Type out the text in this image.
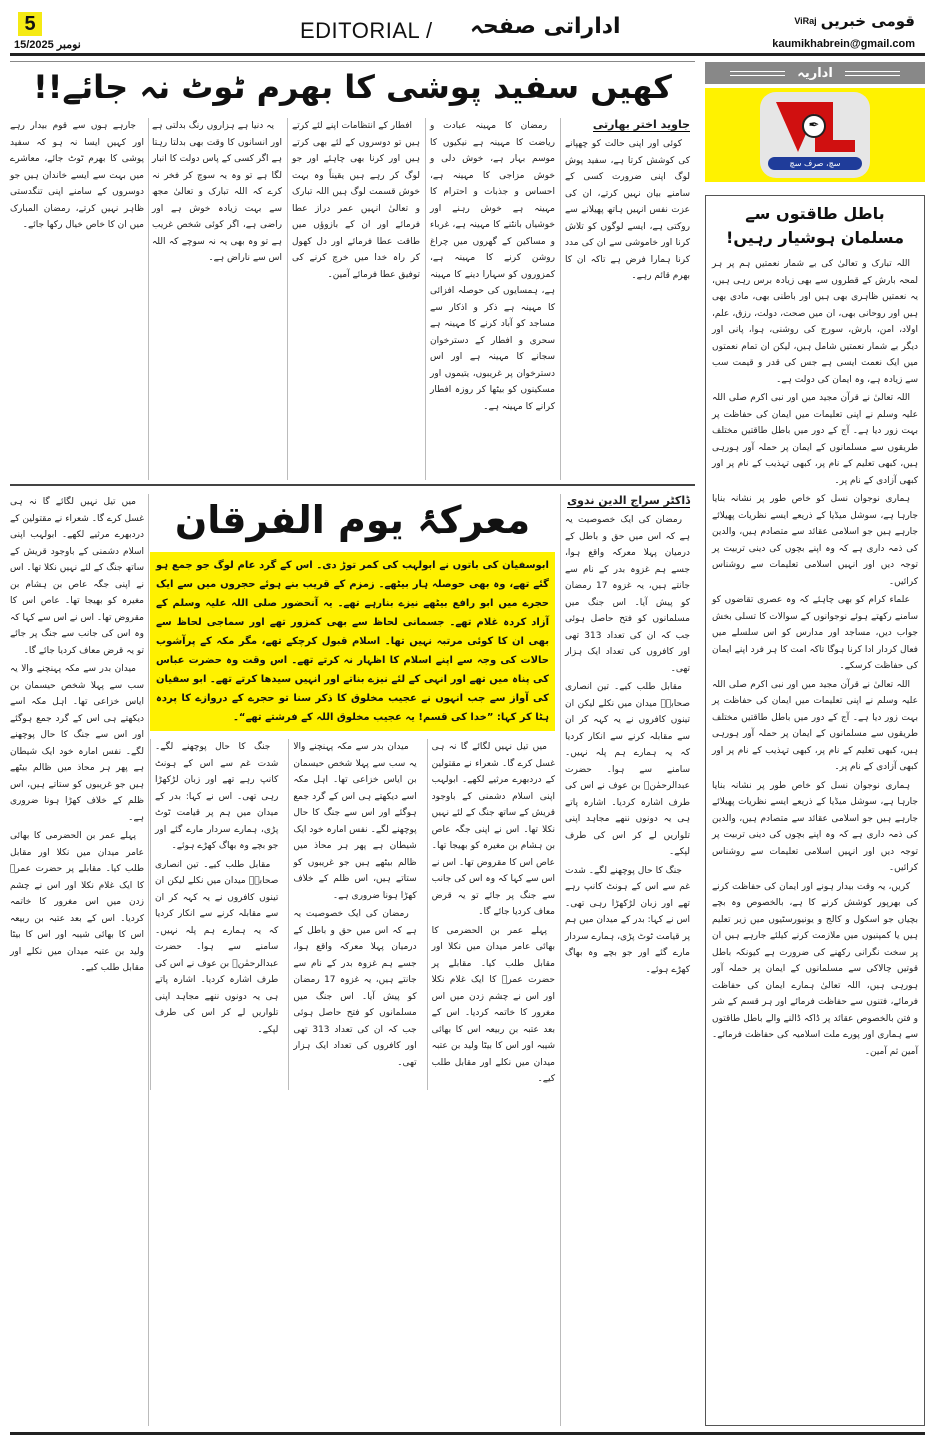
5
15/نومبر 2025
EDITORIAL / اداراتی صفحہ	قومی خبریں
ViRaj
kaumikhabrein@gmail.com
کھیں سفید پوشی کا بھرم ٹوٹ نہ جائے!!
جاوید اختر بھارتی

کوئی اور اپنی حالت کو چھپانے کی کوشش کرتا ہے، سفید پوش لوگ اپنی ضرورت کسی کے سامنے بیان نہیں کرتے، ان کی عزت نفس انہیں ہاتھ پھیلانے سے روکتی ہے، ایسے لوگوں کو تلاش کرنا اور خاموشی سے ان کی مدد کرنا ہمارا فرض ہے تاکہ ان کا بھرم قائم رہے۔

رمضان کا مہینہ عبادت و ریاضت کا مہینہ ہے نیکیوں کا موسم بہار ہے، خوش دلی و خوش مزاجی کا مہینہ ہے، احساس و جذبات و احترام کا مہینہ ہے خوش رہنے اور خوشیاں بانٹنے کا مہینہ ہے، غرباء و مساکین کے گھروں میں چراغ روشن کرنے کا مہینہ ہے، کمزوروں کو سہارا دینے کا مہینہ ہے، ہمسایوں کی حوصلہ افزائی کا مہینہ ہے ذکر و اذکار سے مساجد کو آباد کرنے کا مہینہ ہے سحری و افطار کے دسترخوان سجانے کا مہینہ ہے اور اس دسترخوان پر غریبوں، یتیموں اور مسکینوں کو بیٹھا کر روزہ افطار کرانے کا مہینہ ہے۔

افطار کے انتظامات اپنے لئے کرتے ہیں تو دوسروں کے لئے بھی کرتے ہیں اور کرنا بھی چاہئے اور جو لوگ کر رہے ہیں یقیناً وہ بہت خوش قسمت لوگ ہیں اللہ تبارک و تعالیٰ انہیں عمر دراز عطا فرمائے اور ان کے بازوؤں میں طاقت عطا فرمائے اور دل کھول کر راہ خدا میں خرچ کرنے کی توفیق عطا فرمائے آمین۔

یہ دنیا ہے ہزاروں رنگ بدلتی ہے اور انسانوں کا وقت بھی بدلتا رہتا ہے اگر کسی کے پاس دولت کا انبار لگا ہے تو وہ یہ سوچ کر فخر نہ کرے کہ اللہ تبارک و تعالیٰ مجھ سے بہت زیادہ خوش ہے اور راضی ہے، اگر کوئی شخص غریب ہے تو وہ بھی یہ نہ سوچے کہ اللہ اس سے ناراض ہے۔

جارہے ہوں سے قوم بیدار رہے اور کہیں ایسا نہ ہو کہ سفید پوشی کا بھرم ٹوٹ جائے، معاشرے میں بہت سے ایسے خاندان ہیں جو دوسروں کے سامنے اپنی تنگدستی ظاہر نہیں کرتے، رمضان المبارک میں ان کا خاص خیال رکھا جائے۔

معرکۂ یوم الفرقان	ڈاکٹر سراج الدین ندوی

رمضان کی ایک خصوصیت یہ ہے کہ اس میں حق و باطل کے درمیان پہلا معرکہ واقع ہوا، جسے ہم غزوہ بدر کے نام سے جانتے ہیں، یہ غزوہ 17 رمضان کو پیش آیا۔ اس جنگ میں مسلمانوں کو فتح حاصل ہوئی جب کہ ان کی تعداد 313 تھی اور کافروں کی تعداد ایک ہزار تھی۔

مقابل طلب کیے۔ تین انصاری صحابہؓ میدان میں نکلے لیکن ان تینوں کافروں نے یہ کہہ کر ان سے مقابلہ کرنے سے انکار کردیا کہ یہ ہمارے ہم پلہ نہیں۔ سامنے سے ہوا۔ حضرت عبدالرحمٰنؓ بن عوف نے اس کی طرف اشارہ کردیا۔ اشارہ پاتے ہی یہ دونوں ننھے مجاہد اپنی تلواریں لے کر اس کی طرف لپکے۔

جنگ کا حال پوچھنے لگے۔ شدت غم سے اس کے ہونٹ کانپ رہے تھے اور زبان لڑکھڑا رہی تھی۔ اس نے کہا: بدر کے میدان میں ہم پر قیامت ٹوٹ پڑی، ہمارے سردار مارے گئے اور جو بچے وہ بھاگ کھڑے ہوئے۔

ابوسفیان کی باتوں نے ابولہب کی کمر توڑ دی۔ اس کے گرد عام لوگ جو جمع ہو گئے تھے، وہ بھی حوصلہ ہار بیٹھے۔ زمزم کے قریب بنے ہوئے حجروں میں سے ایک حجرے میں ابو رافع بیٹھے نیزے بنارہے تھے۔ یہ آنحضور صلی اللہ علیہ وسلم کے آزاد کردہ غلام تھے۔ جسمانی لحاظ سے بھی کمزور تھے اور سماجی لحاظ سے بھی ان کا کوئی مرتبہ نہیں تھا۔ اسلام قبول کرچکے تھے، مگر مکہ کے پرآشوب حالات کی وجہ سے اپنے اسلام کا اظہار نہ کرتے تھے۔ اس وقت وہ حضرت عباس کی پناہ میں تھے اور انہی کے لئے نیزے بناتے اور انہیں سیدھا کرتے تھے۔ ابو سفیان کی آواز سے جب انہوں نے عجیب مخلوق کا ذکر سنا تو حجرے کے دروازے کا پردہ ہٹا کر کہا: ”خدا کی قسم! یہ عجیب مخلوق اللہ کے فرشتے تھے“۔

میں تیل نہیں لگائے گا نہ ہی غسل کرے گا۔ شعراء نے مقتولین کے دردبھرے مرثیے لکھے۔ ابولہب اپنی اسلام دشمنی کے باوجود قریش کے ساتھ جنگ کے لئے نہیں نکلا تھا۔ اس نے اپنی جگہ عاص بن ہشام بن مغیرہ کو بھیجا تھا۔ عاص اس کا مقروض تھا۔ اس نے اس سے کہا کہ وہ اس کی جانب سے جنگ پر جائے تو یہ قرض معاف کردیا جائے گا۔

پہلے عمر بن الحضرمی کا بھائی عامر میدان میں نکلا اور مقابل طلب کیا۔ مقابلے پر حضرت عمرؓ کا ایک غلام نکلا اور اس نے چشم زدن میں اس مغرور کا خاتمہ کردیا۔ اس کے بعد عتبہ بن ربیعہ اس کا بھائی شیبہ اور اس کا بیٹا ولید بن عتبہ میدان میں نکلے اور مقابل طلب کیے۔

میدان بدر سے مکہ پہنچنے والا یہ سب سے پہلا شخص حیسمان بن ایاس خزاعی تھا۔ اہل مکہ اسے دیکھتے ہی اس کے گرد جمع ہوگئے اور اس سے جنگ کا حال پوچھنے لگے۔ نفس امارہ خود ایک شیطان ہے پھر ہر محاذ میں ظالم بیٹھے ہیں جو غریبوں کو ستاتے ہیں، اس ظلم کے خلاف کھڑا ہونا ضروری ہے۔

رمضان کی ایک خصوصیت یہ ہے کہ اس میں حق و باطل کے درمیان پہلا معرکہ واقع ہوا، جسے ہم غزوہ بدر کے نام سے جانتے ہیں، یہ غزوہ 17 رمضان کو پیش آیا۔ اس جنگ میں مسلمانوں کو فتح حاصل ہوئی جب کہ ان کی تعداد 313 تھی اور کافروں کی تعداد ایک ہزار تھی۔

جنگ کا حال پوچھنے لگے۔ شدت غم سے اس کے ہونٹ کانپ رہے تھے اور زبان لڑکھڑا رہی تھی۔ اس نے کہا: بدر کے میدان میں ہم پر قیامت ٹوٹ پڑی، ہمارے سردار مارے گئے اور جو بچے وہ بھاگ کھڑے ہوئے۔

مقابل طلب کیے۔ تین انصاری صحابہؓ میدان میں نکلے لیکن ان تینوں کافروں نے یہ کہہ کر ان سے مقابلہ کرنے سے انکار کردیا کہ یہ ہمارے ہم پلہ نہیں۔ سامنے سے ہوا۔ حضرت عبدالرحمٰنؓ بن عوف نے اس کی طرف اشارہ کردیا۔ اشارہ پاتے ہی یہ دونوں ننھے مجاہد اپنی تلواریں لے کر اس کی طرف لپکے۔

میں تیل نہیں لگائے گا نہ ہی غسل کرے گا۔ شعراء نے مقتولین کے دردبھرے مرثیے لکھے۔ ابولہب اپنی اسلام دشمنی کے باوجود قریش کے ساتھ جنگ کے لئے نہیں نکلا تھا۔ اس نے اپنی جگہ عاص بن ہشام بن مغیرہ کو بھیجا تھا۔ عاص اس کا مقروض تھا۔ اس نے اس سے کہا کہ وہ اس کی جانب سے جنگ پر جائے تو یہ قرض معاف کردیا جائے گا۔

میدان بدر سے مکہ پہنچنے والا یہ سب سے پہلا شخص حیسمان بن ایاس خزاعی تھا۔ اہل مکہ اسے دیکھتے ہی اس کے گرد جمع ہوگئے اور اس سے جنگ کا حال پوچھنے لگے۔ نفس امارہ خود ایک شیطان ہے پھر ہر محاذ میں ظالم بیٹھے ہیں جو غریبوں کو ستاتے ہیں، اس ظلم کے خلاف کھڑا ہونا ضروری ہے۔

پہلے عمر بن الحضرمی کا بھائی عامر میدان میں نکلا اور مقابل طلب کیا۔ مقابلے پر حضرت عمرؓ کا ایک غلام نکلا اور اس نے چشم زدن میں اس مغرور کا خاتمہ کردیا۔ اس کے بعد عتبہ بن ربیعہ اس کا بھائی شیبہ اور اس کا بیٹا ولید بن عتبہ میدان میں نکلے اور مقابل طلب کیے۔

اداریہ
✒
سچ، صرف سچ
باطل طاقتوں سے مسلمان ہوشیار رہیں!

اللہ تبارک و تعالیٰ کی بے شمار نعمتیں ہم پر ہر لمحہ بارش کے قطروں سے بھی زیادہ برس رہی ہیں، یہ نعمتیں ظاہری بھی ہیں اور باطنی بھی، مادی بھی ہیں اور روحانی بھی، ان میں صحت، دولت، رزق، علم، اولاد، امن، بارش، سورج کی روشنی، ہوا، پانی اور دیگر بے شمار نعمتیں شامل ہیں، لیکن ان تمام نعمتوں میں ایک نعمت ایسی ہے جس کی قدر و قیمت سب سے زیادہ ہے، وہ ایمان کی دولت ہے۔

اللہ تعالیٰ نے قرآن مجید میں اور نبی اکرم صلی اللہ علیہ وسلم نے اپنی تعلیمات میں ایمان کی حفاظت پر بہت زور دیا ہے۔ آج کے دور میں باطل طاقتیں مختلف طریقوں سے مسلمانوں کے ایمان پر حملہ آور ہورہی ہیں، کبھی تعلیم کے نام پر، کبھی تہذیب کے نام پر اور کبھی آزادی کے نام پر۔

ہماری نوجوان نسل کو خاص طور پر نشانہ بنایا جارہا ہے، سوشل میڈیا کے ذریعے ایسے نظریات پھیلائے جارہے ہیں جو اسلامی عقائد سے متصادم ہیں، والدین کی ذمہ داری ہے کہ وہ اپنے بچوں کی دینی تربیت پر توجہ دیں اور انہیں اسلامی تعلیمات سے روشناس کرائیں۔

علماء کرام کو بھی چاہئے کہ وہ عصری تقاضوں کو سامنے رکھتے ہوئے نوجوانوں کے سوالات کا تسلی بخش جواب دیں، مساجد اور مدارس کو اس سلسلے میں فعال کردار ادا کرنا ہوگا تاکہ امت کا ہر فرد اپنے ایمان کی حفاظت کرسکے۔

اللہ تعالیٰ نے قرآن مجید میں اور نبی اکرم صلی اللہ علیہ وسلم نے اپنی تعلیمات میں ایمان کی حفاظت پر بہت زور دیا ہے۔ آج کے دور میں باطل طاقتیں مختلف طریقوں سے مسلمانوں کے ایمان پر حملہ آور ہورہی ہیں، کبھی تعلیم کے نام پر، کبھی تہذیب کے نام پر اور کبھی آزادی کے نام پر۔

ہماری نوجوان نسل کو خاص طور پر نشانہ بنایا جارہا ہے، سوشل میڈیا کے ذریعے ایسے نظریات پھیلائے جارہے ہیں جو اسلامی عقائد سے متصادم ہیں، والدین کی ذمہ داری ہے کہ وہ اپنے بچوں کی دینی تربیت پر توجہ دیں اور انہیں اسلامی تعلیمات سے روشناس کرائیں۔

کریں، یہ وقت بیدار ہونے اور ایمان کی حفاظت کرنے کی بھرپور کوشش کرنے کا ہے، بالخصوص وہ بچے بچیاں جو اسکول و کالج و یونیورسٹیوں میں زیر تعلیم ہیں یا کمپنیوں میں ملازمت کرنے کیلئے جارہے ہیں ان پر سخت نگرانی رکھنے کی ضرورت ہے کیونکہ باطل قوتیں چالاکی سے مسلمانوں کے ایمان پر حملہ آور ہورہی ہیں، اللہ تعالیٰ ہمارے ایمان کی حفاظت فرمائے، فتنوں سے حفاظت فرمائے اور ہر قسم کے شر و فتن بالخصوص عقائد پر ڈاکہ ڈالنے والے باطل طاقتوں سے ہماری اور پورے ملت اسلامیہ کی حفاظت فرمائے۔ آمین ثم آمین۔
